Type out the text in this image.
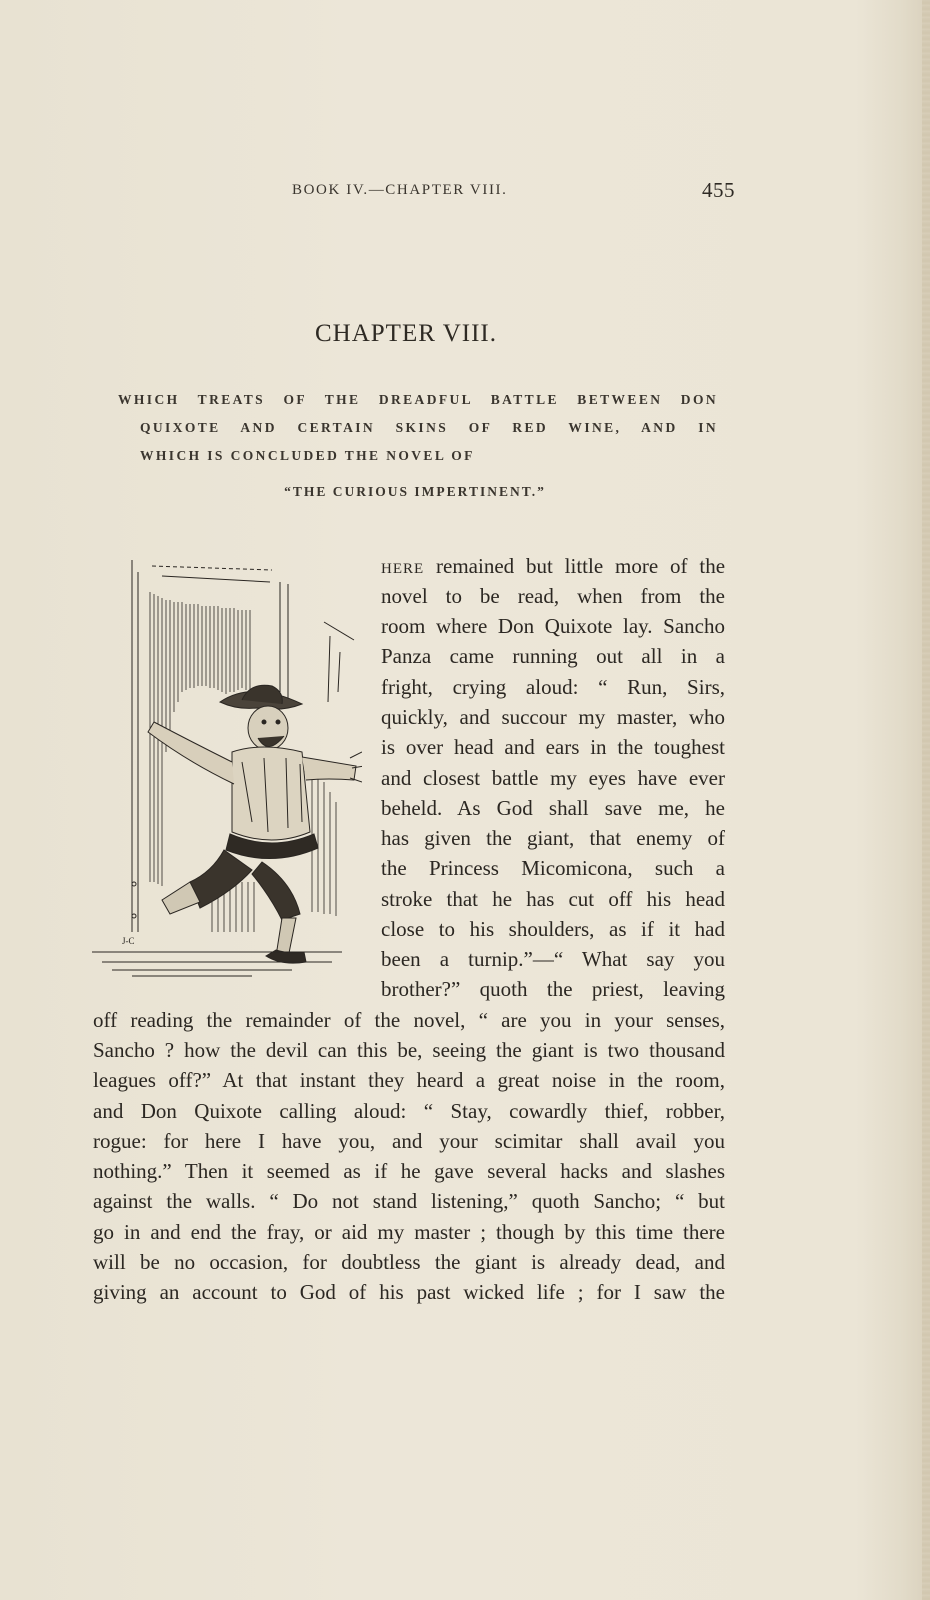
BOOK IV.—CHAPTER VIII.	455
CHAPTER VIII.
WHICH TREATS OF THE DREADFUL BATTLE BETWEEN DON
QUIXOTE AND CERTAIN SKINS OF RED WINE, AND IN
WHICH IS CONCLUDED THE NOVEL OF
“THE CURIOUS IMPERTINENT.”
J-C
here remained but little more of the
novel to be read, when from the
room where Don Quixote lay. Sancho
Panza came running out all in a
fright, crying aloud: “ Run, Sirs,
quickly, and succour my master, who
is over head and ears in the toughest
and closest battle my eyes have ever
beheld. As God shall save me, he
has given the giant, that enemy of
the Princess Micomicona, such a
stroke that he has cut off his head
close to his shoulders, as if it had
been a turnip.”—“ What say you
brother?” quoth the priest, leaving
off reading the remainder of the novel, “ are you in your senses,
Sancho ? how the devil can this be, seeing the giant is two thousand
leagues off?” At that instant they heard a great noise in the room,
and Don Quixote calling aloud: “ Stay, cowardly thief, robber,
rogue: for here I have you, and your scimitar shall avail you
nothing.” Then it seemed as if he gave several hacks and slashes
against the walls. “ Do not stand listening,” quoth Sancho; “ but
go in and end the fray, or aid my master ; though by this time there
will be no occasion, for doubtless the giant is already dead, and
giving an account to God of his past wicked life ; for I saw the
